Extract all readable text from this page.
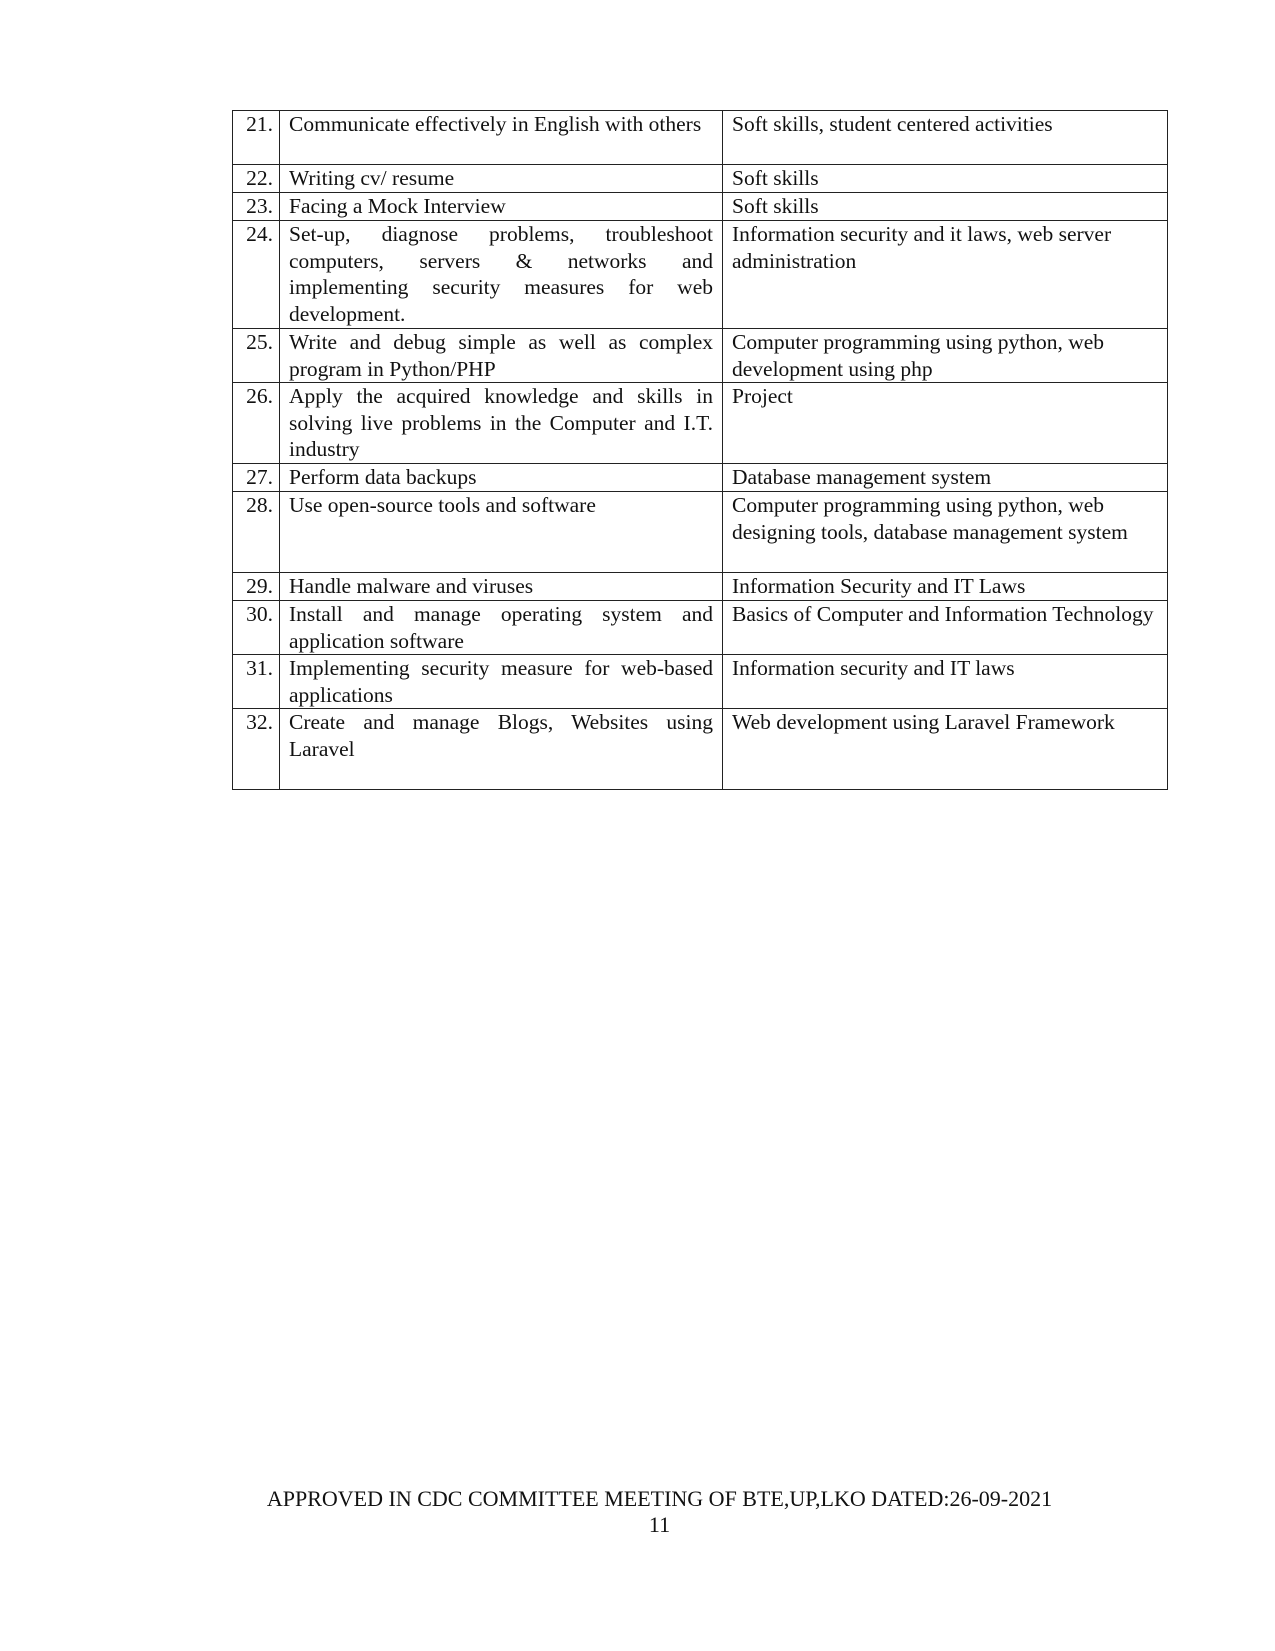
21.	Communicate effectively in English with others	Soft skills, student centered activities
22.	Writing cv/ resume	Soft skills
23.	Facing a Mock Interview	Soft skills
24.	Set-up, diagnose problems, troubleshoot computers, servers & networks and implementing security measures for web development.	Information security and it laws, web server administration
25.	Write and debug simple as well as complex program in Python/PHP	Computer programming using python, web development using php
26.	Apply the acquired knowledge and skills in solving live problems in the Computer and I.T. industry	Project
27.	Perform data backups	Database management system
28.	Use open-source tools and software	Computer programming using python, web designing tools, database management system
29.	Handle malware and viruses	Information Security and IT Laws
30.	Install and manage operating system and application software	Basics of Computer and Information Technology
31.	Implementing security measure for web-based applications	Information security and IT laws
32.	Create and manage Blogs, Websites using Laravel	Web development using Laravel Framework
APPROVED IN CDC COMMITTEE MEETING OF BTE,UP,LKO DATED:26-09-2021
11
